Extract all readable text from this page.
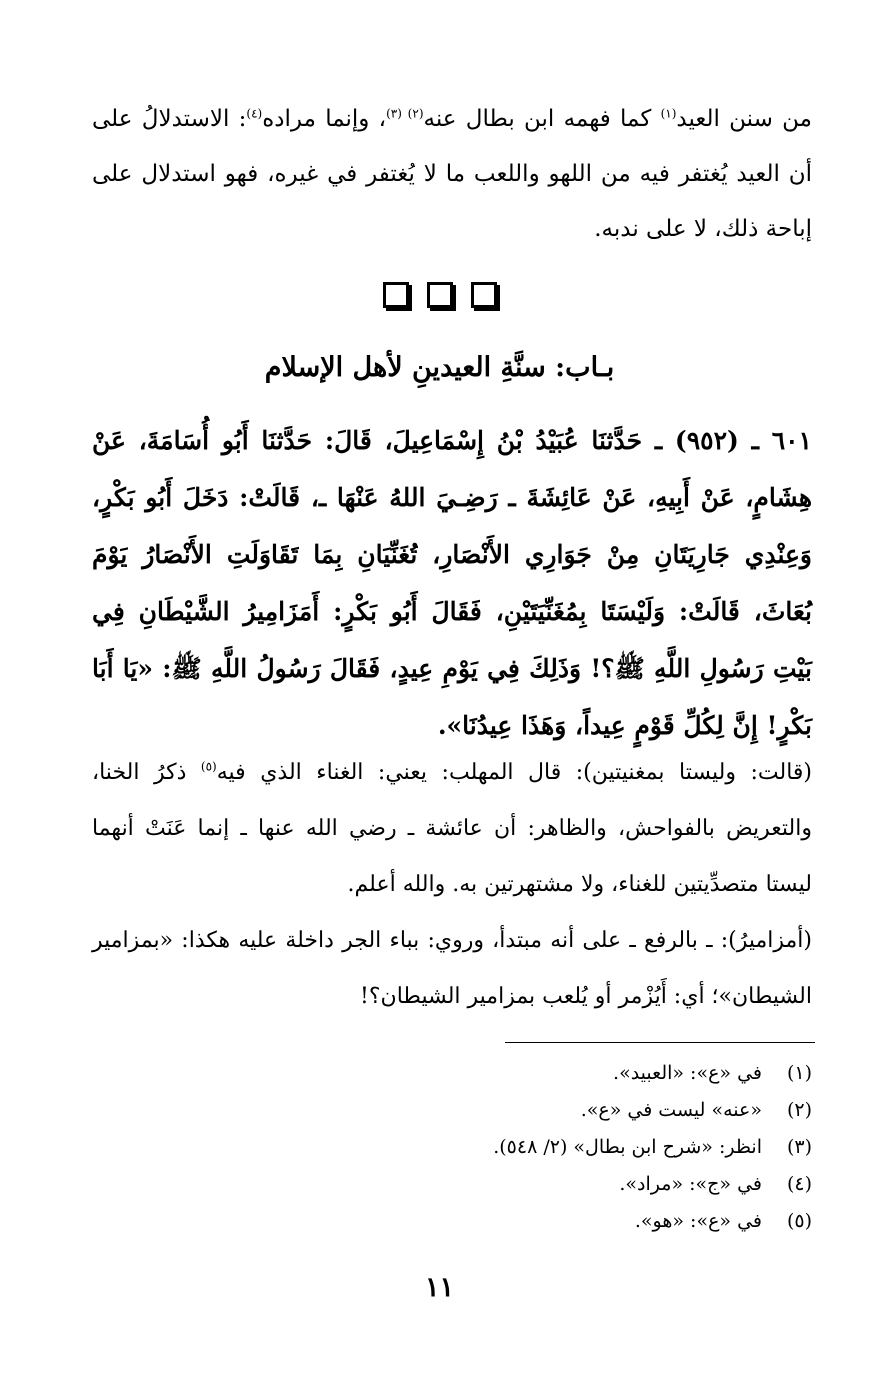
من سنن العيد$^{(١)}$ كما فهمه ابن بطال عنه$^{(٢) (٣)}$، وإنما مراده$^{(٤)}$: الاستدلالُ على أن العيد يُغتفر فيه من اللهو واللعب ما لا يُغتفر في غيره، فهو استدلال على إباحة ذلك، لا على ندبه.

بـاب: سنَّةِ العيدينِ لأهل الإسلام

٦٠١ ـ (٩٥٢) ـ حَدَّثنَا عُبَيْدُ بْنُ إِسْمَاعِيلَ، قَالَ: حَدَّثنَا أَبُو أُسَامَةَ، عَنْ هِشَامٍ، عَنْ أَبِيهِ، عَنْ عَائِشَةَ ـ رَضِـيَ اللهُ عَنْهَا ـ، قَالَتْ: دَخَلَ أَبُو بَكْرٍ، وَعِنْدِي جَارِيَتَانِ مِنْ جَوَارِي الأَنْصَارِ، تُغَنِّيَانِ بِمَا تَقَاوَلَتِ الأَنْصَارُ يَوْمَ بُعَاثَ، قَالَتْ: وَلَيْسَتَا بِمُغَنِّيَتَيْنِ، فَقَالَ أَبُو بَكْرٍ: أَمَزَامِيرُ الشَّيْطَانِ فِي بَيْتِ رَسُولِ اللَّهِ ﷺ؟! وَذَلِكَ فِي يَوْمِ عِيدٍ، فَقَالَ رَسُولُ اللَّهِ ﷺ: «يَا أَبَا بَكْرٍ! إِنَّ لِكُلِّ قَوْمٍ عِيداً، وَهَذَا عِيدُنَا».

(قالت: وليستا بمغنيتين): قال المهلب: يعني: الغناء الذي فيه$^{(٥)}$ ذكرُ الخنا، والتعريض بالفواحش، والظاهر: أن عائشة ـ رضي الله عنها ـ إنما عَنَتْ أنهما ليستا متصدِّيتين للغناء، ولا مشتهرتين به. والله أعلم.

(أمزاميرُ): ـ بالرفع ـ على أنه مبتدأ، وروي: بباء الجر داخلة عليه هكذا: «بمزامير الشيطان»؛ أي: أَيُزْمر أو يُلعب بمزامير الشيطان؟!

(١)
في «ع»: «العبيد».
(٢)
«عنه» ليست في «ع».
(٣)
انظر: «شرح ابن بطال» (٢/ ٥٤٨).
(٤)
في «ج»: «مراد».
(٥)
في «ع»: «هو».
١١
